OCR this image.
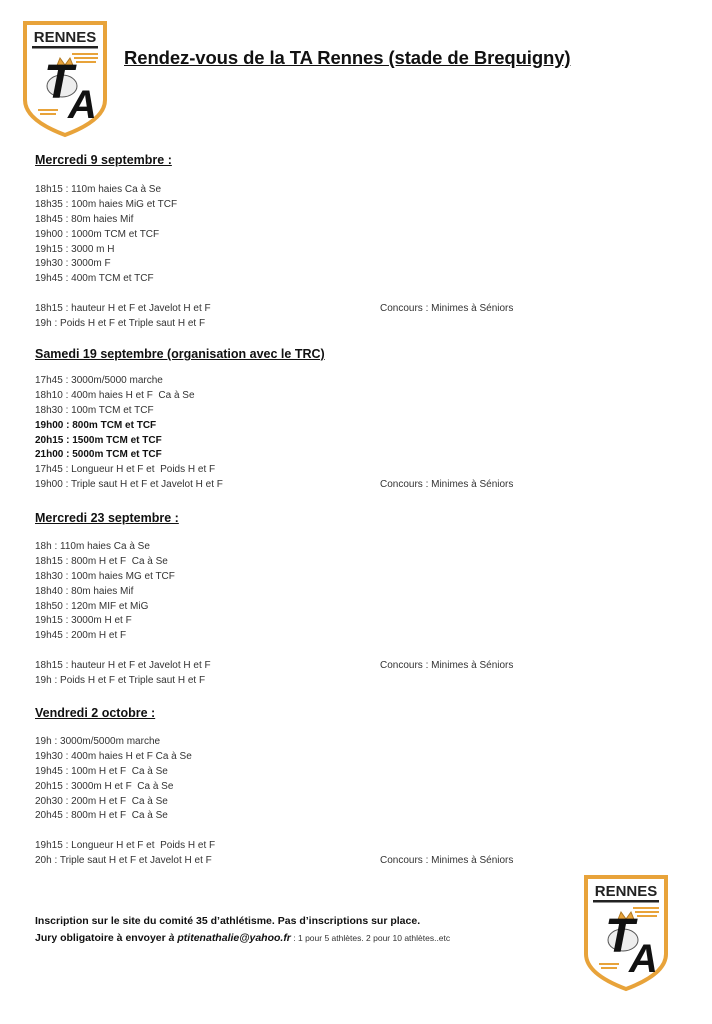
RENNES
T
A
RENNES
T
A
Rendez-vous de la TA Rennes (stade de Brequigny)
Mercredi 9 septembre :
18h15 : 110m haies Ca à Se
18h35 : 100m haies MiG et TCF
18h45 : 80m haies Mif
19h00 : 1000m TCM et TCF
19h15 : 3000 m H
19h30 : 3000m F
19h45 : 400m TCM et TCF
18h15 : hauteur H et F et Javelot H et F	Concours : Minimes à Séniors
19h : Poids H et F et Triple saut H et F
Samedi 19 septembre (organisation avec le TRC)
17h45 : 3000m/5000 marche
18h10 : 400m haies H et F  Ca à Se
18h30 : 100m TCM et TCF
19h00 : 800m TCM et TCF
20h15 : 1500m TCM et TCF
21h00 : 5000m TCM et TCF
17h45 : Longueur H et F et  Poids H et F
19h00 : Triple saut H et F et Javelot H et F	Concours : Minimes à Séniors
Mercredi 23 septembre :
18h : 110m haies Ca à Se
18h15 : 800m H et F  Ca à Se
18h30 : 100m haies MG et TCF
18h40 : 80m haies Mif
18h50 : 120m MIF et MiG
19h15 : 3000m H et F
19h45 : 200m H et F
18h15 : hauteur H et F et Javelot H et F	Concours : Minimes à Séniors
19h : Poids H et F et Triple saut H et F
Vendredi 2 octobre :
19h : 3000m/5000m marche
19h30 : 400m haies H et F Ca à Se
19h45 : 100m H et F  Ca à Se
20h15 : 3000m H et F  Ca à Se
20h30 : 200m H et F  Ca à Se
20h45 : 800m H et F  Ca à Se
19h15 : Longueur H et F et  Poids H et F
20h : Triple saut H et F et Javelot H et F	Concours : Minimes à Séniors
Inscription sur le site du comité 35 d’athlétisme. Pas d’inscriptions sur place.
Jury obligatoire à envoyer à ptitenathalie@yahoo.fr : 1 pour 5 athlètes. 2 pour 10 athlètes..etc
